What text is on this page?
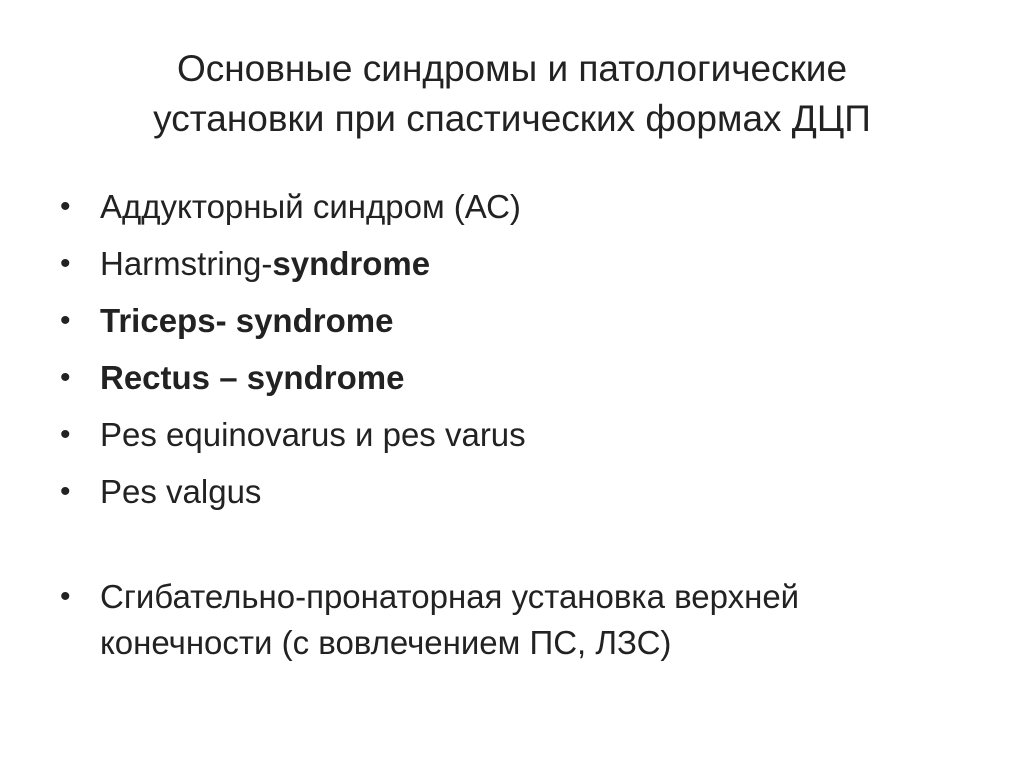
Основные синдромы и патологические
установки при спастических формах ДЦП
• Аддукторный синдром (АС)
• Harmstring-syndrome
• Triceps- syndrome
• Rectus – syndrome
• Pes equinovarus и pes varus
• Pes valgus
• Сгибательно-пронаторная установка верхней
конечности (с вовлечением ПС, ЛЗС)
